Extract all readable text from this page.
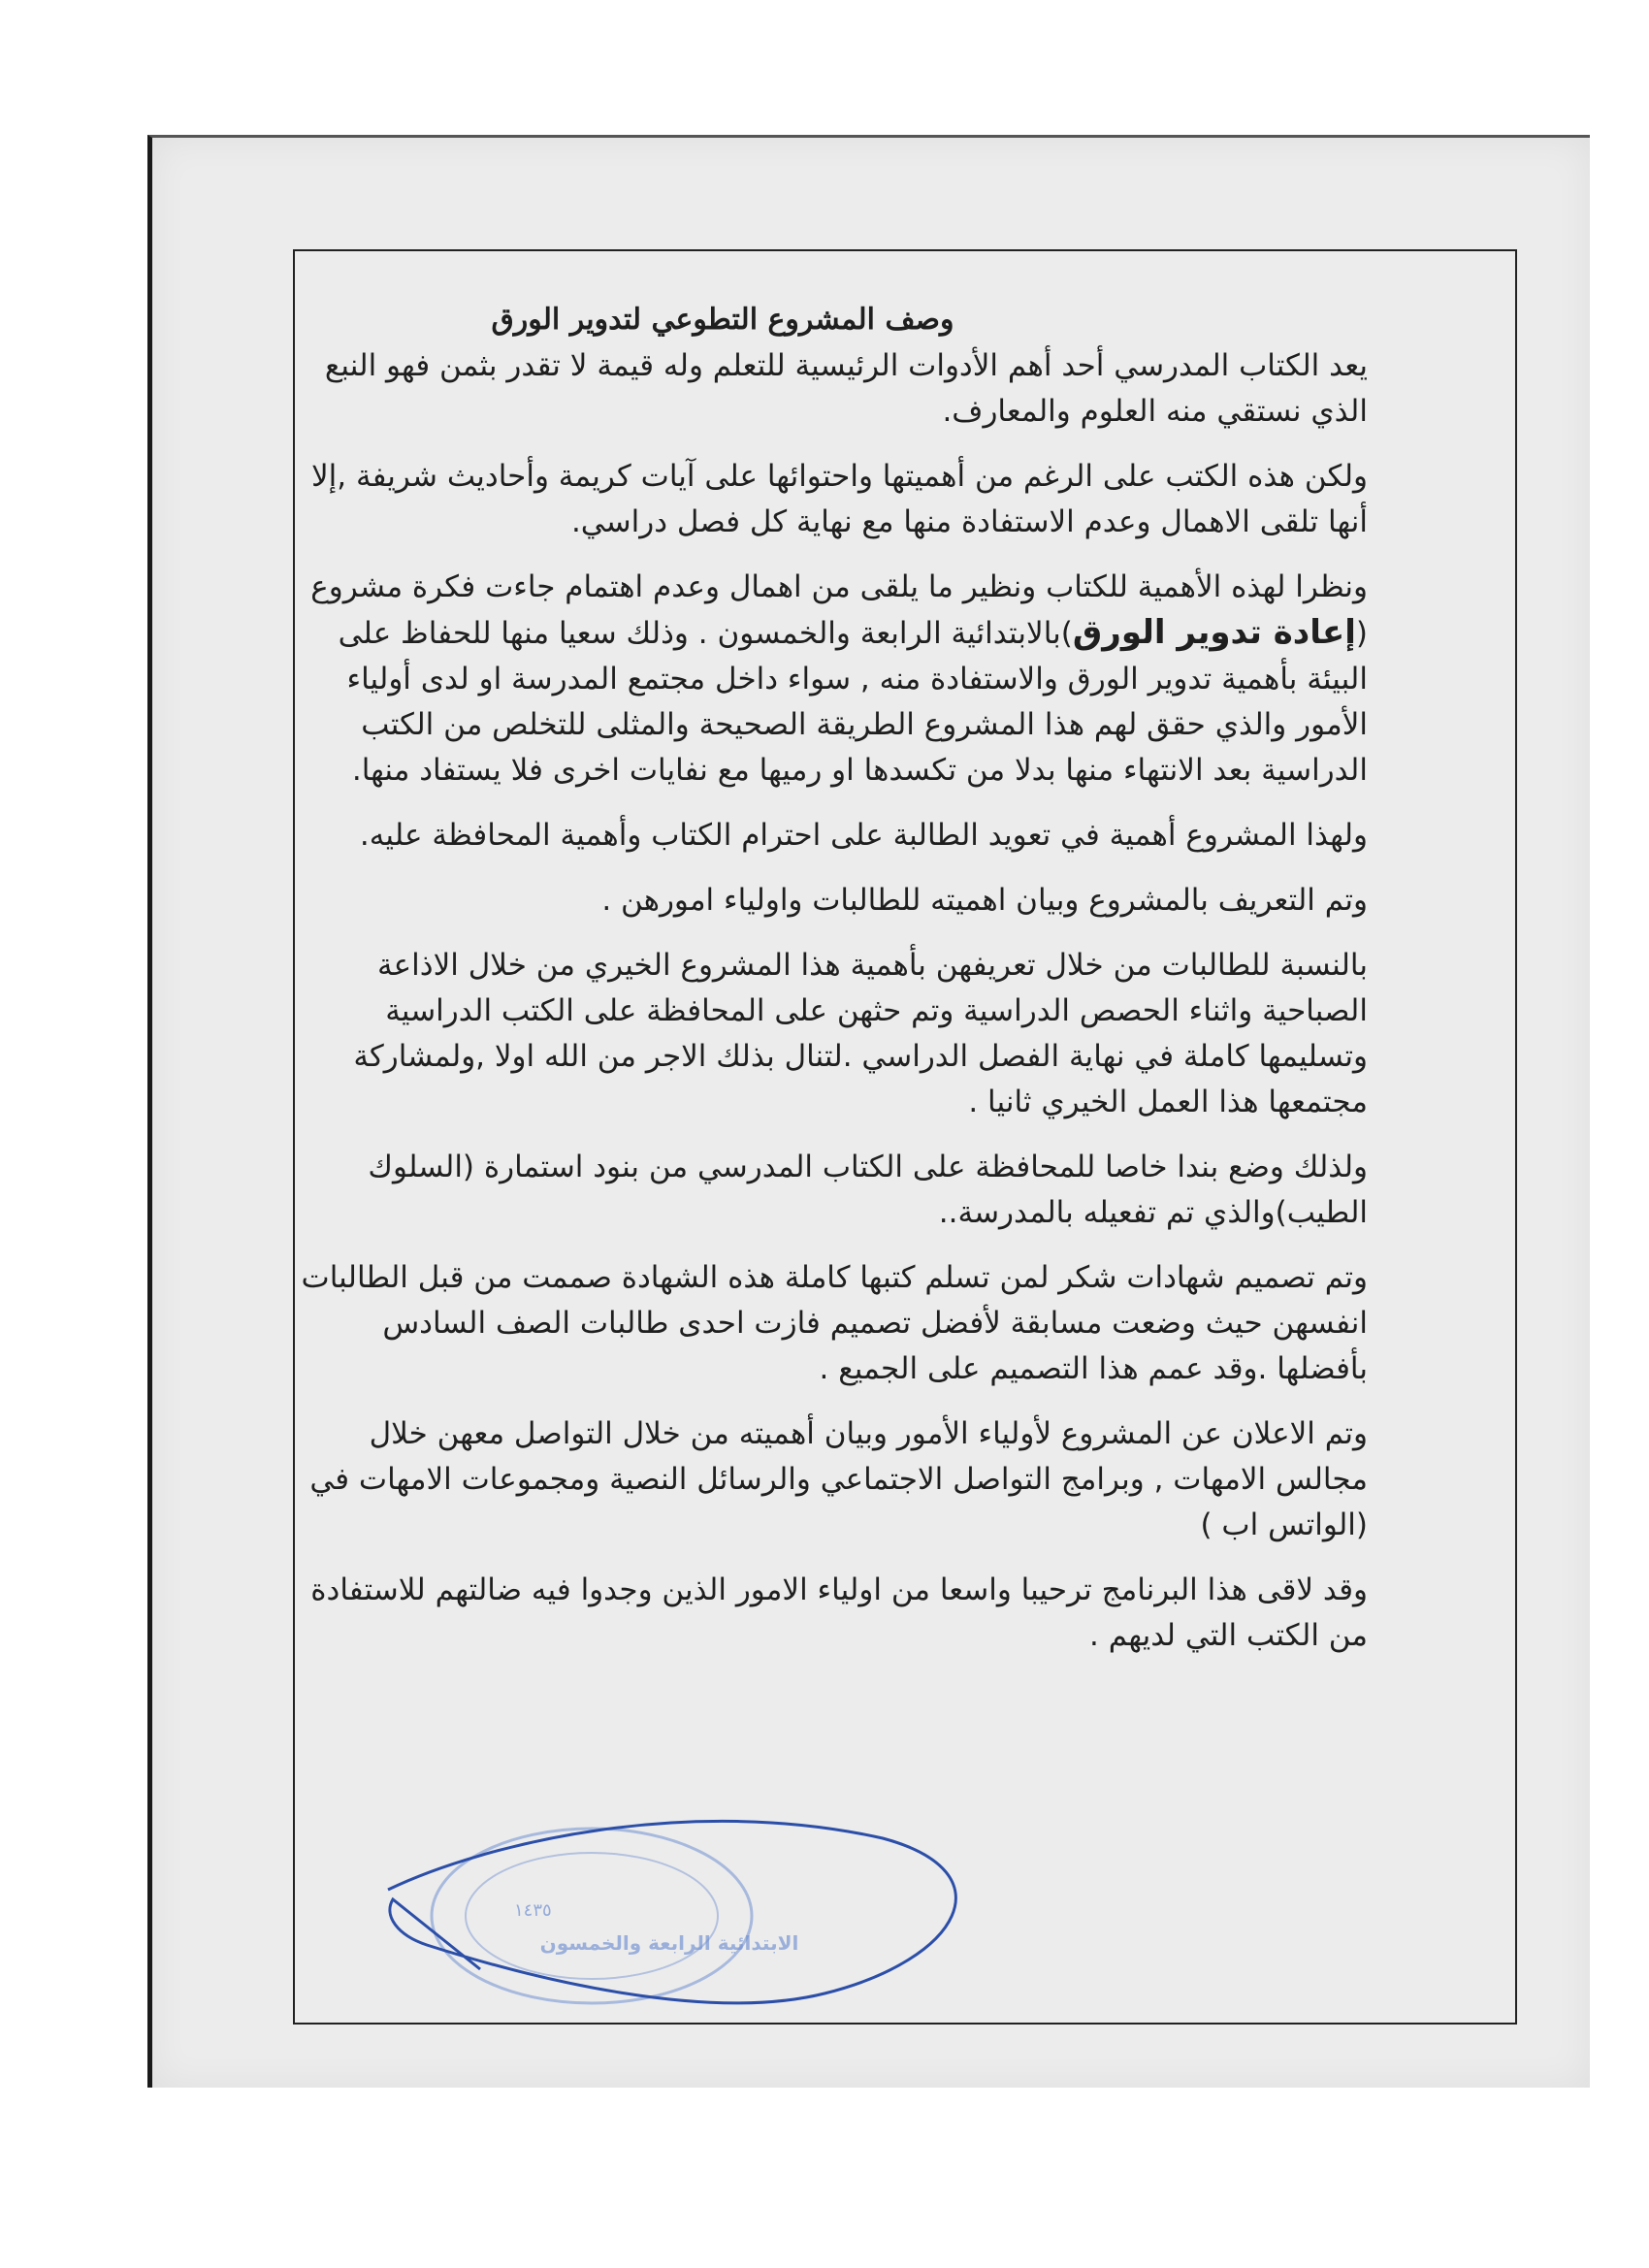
وصف المشروع التطوعي لتدوير الورق

يعد الكتاب المدرسي أحد أهم الأدوات الرئيسية للتعلم وله قيمة لا تقدر بثمن فهو النبع الذي نستقي منه العلوم والمعارف.

ولكن هذه الكتب على الرغم من أهميتها واحتوائها على آيات كريمة وأحاديث شريفة ,إلا أنها تلقى الاهمال وعدم الاستفادة منها مع نهاية كل فصل دراسي.

ونظرا لهذه الأهمية للكتاب ونظير ما يلقى من اهمال وعدم اهتمام جاءت فكرة مشروع (إعادة تدوير الورق)بالابتدائية الرابعة والخمسون . وذلك سعيا منها للحفاظ على البيئة بأهمية تدوير الورق والاستفادة منه , سواء داخل مجتمع المدرسة او لدى أولياء الأمور والذي حقق لهم هذا المشروع الطريقة الصحيحة والمثلى للتخلص من الكتب الدراسية بعد الانتهاء منها بدلا من تكسدها او رميها مع نفايات اخرى فلا يستفاد منها.

ولهذا المشروع أهمية في تعويد الطالبة على احترام الكتاب وأهمية المحافظة عليه.

وتم التعريف بالمشروع وبيان اهميته للطالبات واولياء امورهن .

بالنسبة للطالبات من خلال تعريفهن بأهمية هذا المشروع الخيري من خلال الاذاعة الصباحية واثناء الحصص الدراسية وتم حثهن على المحافظة على الكتب الدراسية وتسليمها كاملة في نهاية الفصل الدراسي .لتنال بذلك الاجر من الله اولا ,ولمشاركة مجتمعها هذا العمل الخيري ثانيا .

ولذلك وضع بندا خاصا للمحافظة على الكتاب المدرسي من بنود استمارة (السلوك الطيب)والذي تم تفعيله بالمدرسة..

وتم تصميم شهادات شكر لمن تسلم كتبها كاملة هذه الشهادة صممت من قبل الطالبات انفسهن حيث وضعت مسابقة لأفضل تصميم فازت احدى طالبات الصف السادس بأفضلها .وقد عمم هذا التصميم على الجميع .

وتم الاعلان عن المشروع لأولياء الأمور وبيان أهميته من خلال التواصل معهن خلال مجالس الامهات , وبرامج التواصل الاجتماعي والرسائل النصية ومجموعات الامهات في (الواتس اب )

وقد لاقى هذا البرنامج ترحيبا واسعا من اولياء الامور الذين وجدوا فيه ضالتهم للاستفادة من الكتب التي لديهم .

١٤٣٥
الابتدائية الرابعة والخمسون
